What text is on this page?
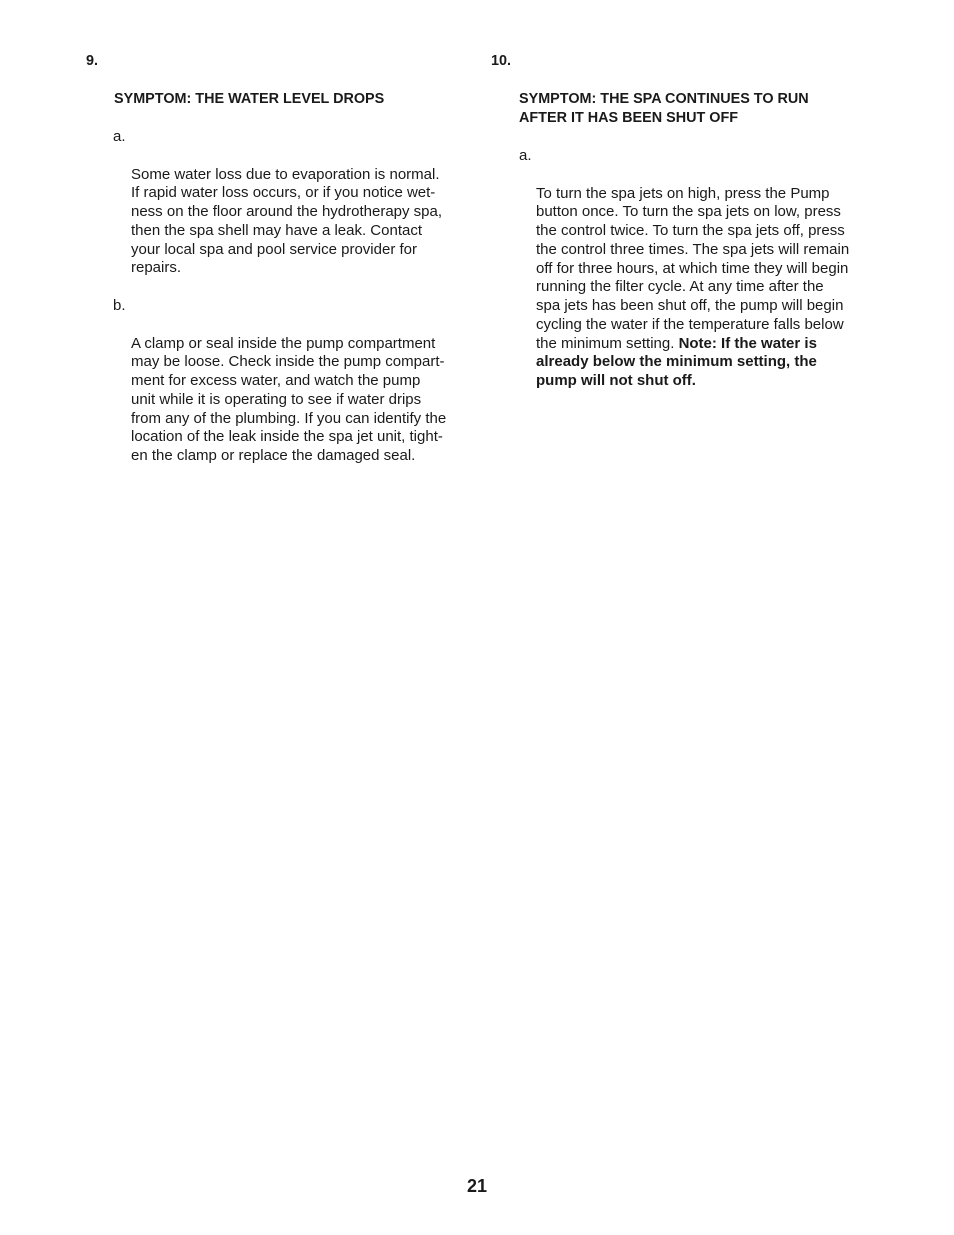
9.

SYMPTOM: THE WATER LEVEL DROPS

a.

Some water loss due to evaporation is normal.
If rapid water loss occurs, or if you notice wet-
ness on the floor around the hydrotherapy spa,
then the spa shell may have a leak. Contact
your local spa and pool service provider for
repairs.

b.

A clamp or seal inside the pump compartment
may be loose. Check inside the pump compart-
ment for excess water, and watch the pump
unit while it is operating to see if water drips
from any of the plumbing. If you can identify the
location of the leak inside the spa jet unit, tight-
en the clamp or replace the damaged seal.

10.

SYMPTOM: THE SPA CONTINUES TO RUN
AFTER IT HAS BEEN SHUT OFF

a.

To turn the spa jets on high, press the Pump
button once. To turn the spa jets on low, press
the control twice. To turn the spa jets off, press
the control three times. The spa jets will remain
off for three hours, at which time they will begin
running the filter cycle. At any time after the
spa jets has been shut off, the pump will begin
cycling the water if the temperature falls below
the minimum setting. Note: If the water is
already below the minimum setting, the
pump will not shut off.

21
